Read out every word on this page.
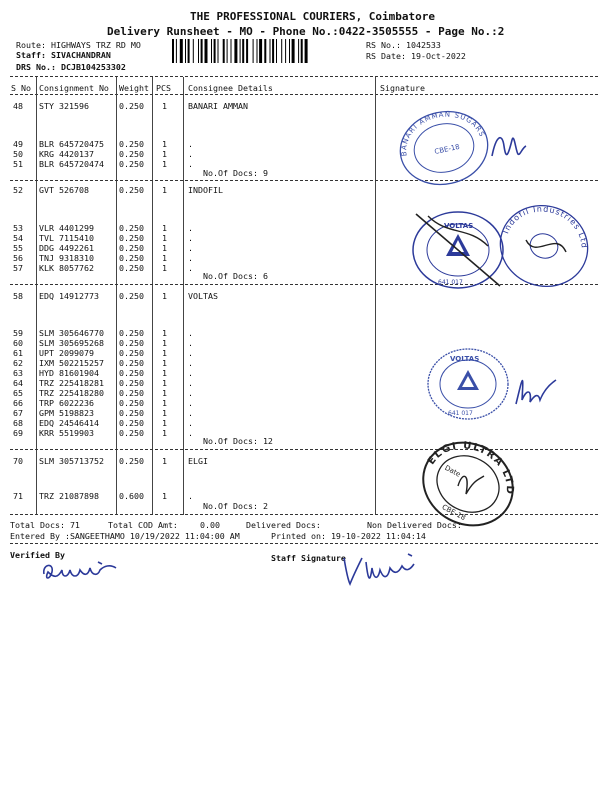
THE PROFESSIONAL COURIERS, Coimbatore
Delivery Runsheet - MO - Phone No.:0422-3505555 - Page No.:2
Route: HIGHWAYS TRZ RD MO
Staff: SIVACHANDRAN
DRS No.: DCJB104253302
RS No.: 1042533
RS Date: 19-Oct-2022
S No Consignment No Weight PCS Consignee Details	Signature
48 STY 321596	0.250 1	BANARI AMMAN
49 BLR 645720475 0.250 1	.
50 KRG 4420137	0.250 1	.
51 BLR 645720474 0.250 1	.
No.Of Docs: 9
52 GVT 526708	0.250 1	INDOFIL
53 VLR 4401299	0.250 1	.
54 TVL 7115410	0.250 1	.
55 DDG 4492261	0.250 1	.
56 TNJ 9318310	0.250 1	.
57 KLK 8057762	0.250 1	.
No.Of Docs: 6
58 EDQ 14912773 0.250 1	VOLTAS
59 SLM 305646770 0.250 1	.
60 SLM 305695268 0.250 1	.
61 UPT 2099079	0.250 1	.
62 IXM 502215257 0.250 1	.
63 HYD 81601904 0.250 1	.
64 TRZ 225418281 0.250 1	.
65 TRZ 225418280 0.250 1	.
66 TRP 6022236	0.250 1	.
67 GPM 5198823	0.250 1	.
68 EDQ 24546414 0.250 1	.
69 KRR 5519903	0.250 1	.
No.Of Docs: 12
70 SLM 305713752 0.250 1	ELGI
71 TRZ 21087898 0.600 1	.
No.Of Docs: 2
BANARI AMMAN SUGARS
CBE-18
VOLTAS
641 017
Indofil Industries Ltd
VOLTAS
641 017
ELGI ULTRA LTD
CBE-18
Date
Total Docs: 71	Total COD Amt:	0.00	Delivered Docs:	Non Delivered Docs:
Entered By :SANGEETHAMO 10/19/2022 11:04:00 AM	Printed on: 19-10-2022 11:04:14
Verified By	Staff Signature
